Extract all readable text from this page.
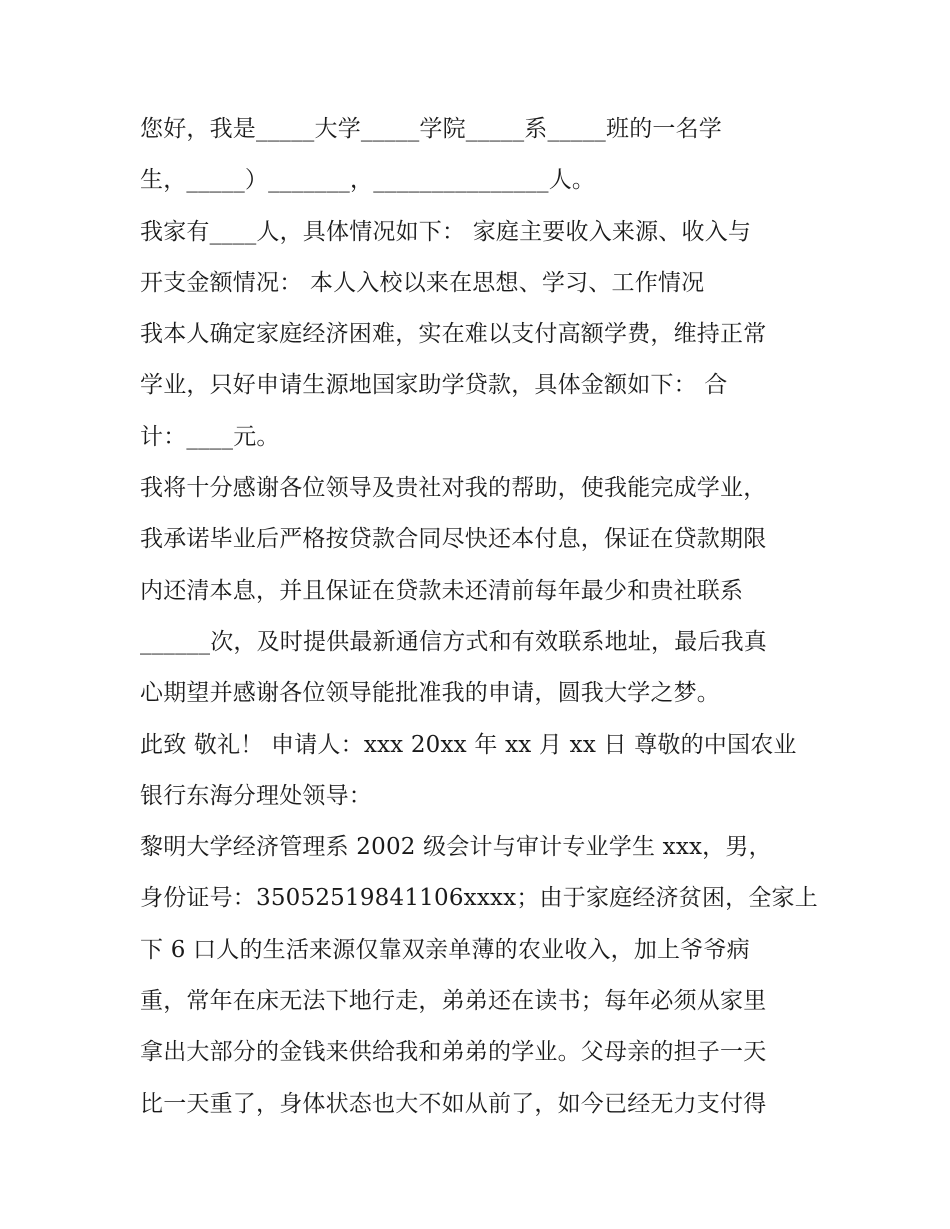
您好，我是_____大学_____学院_____系_____班的一名学
生，_____）_______，_______________人。
我家有____人，具体情况如下： 家庭主要收入来源、收入与
开支金额情况： 本人入校以来在思想、学习、工作情况
我本人确定家庭经济困难，实在难以支付高额学费，维持正常
学业，只好申请生源地国家助学贷款，具体金额如下： 合
计：____元。
我将十分感谢各位领导及贵社对我的帮助，使我能完成学业，
我承诺毕业后严格按贷款合同尽快还本付息，保证在贷款期限
内还清本息，并且保证在贷款未还清前每年最少和贵社联系
______次，及时提供最新通信方式和有效联系地址，最后我真
心期望并感谢各位领导能批准我的申请，圆我大学之梦。
此致 敬礼！ 申请人：xxx 20xx 年 xx 月 xx 日 尊敬的中国农业
银行东海分理处领导：
黎明大学经济管理系 2002 级会计与审计专业学生 xxx，男，
身份证号：35052519841106xxxx；由于家庭经济贫困，全家上
下 6 口人的生活来源仅靠双亲单薄的农业收入，加上爷爷病
重，常年在床无法下地行走，弟弟还在读书；每年必须从家里
拿出大部分的金钱来供给我和弟弟的学业。父母亲的担子一天
比一天重了，身体状态也大不如从前了，如今已经无力支付得
